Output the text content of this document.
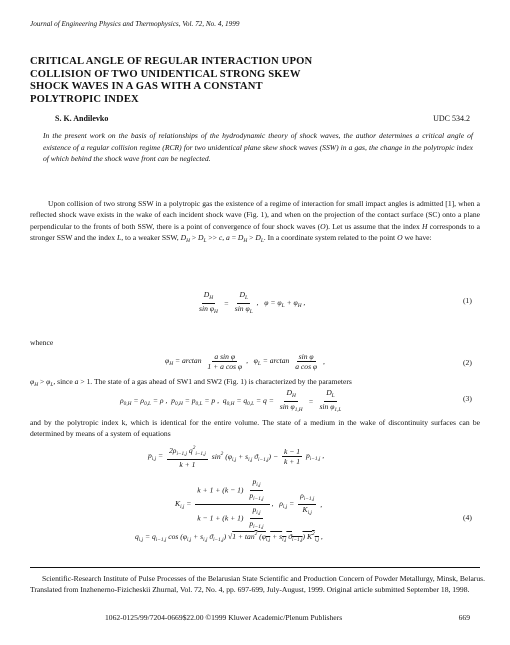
Journal of Engineering Physics and Thermophysics, Vol. 72, No. 4, 1999
CRITICAL ANGLE OF REGULAR INTERACTION UPON
COLLISION OF TWO UNIDENTICAL STRONG SKEW
SHOCK WAVES IN A GAS WITH A CONSTANT
POLYTROPIC INDEX
S. K. Andilevko	UDC 534.2
In the present work on the basis of relationships of the hydrodynamic theory of shock waves, the author determines a critical angle of existence of a regular collision regime (RCR) for two unidentical plane skew shock waves (SSW) in a gas, the change in the polytropic index of which behind the shock wave front can be neglected.
Upon collision of two strong SSW in a polytropic gas the existence of a regime of interaction for small impact angles is admitted [1], when a reflected shock wave exists in the wake of each incident shock wave (Fig. 1), and when on the projection of the contact surface (SC) onto a plane perpendicular to the fronts of both SSW, there is a point of convergence of four shock waves (O). Let us assume that the index H corresponds to a stronger SSW and the index L, to a weaker SSW, $D_H > D_L >> c$, $a = D_H > D_L$. In a coordinate system related to the point O we have:
$\frac{D_H}{\sin \varphi_H} = \frac{D_L}{\sin \varphi_L}$ ,   $\varphi = \varphi_L + \varphi_H$ ,	(1)
whence
$\varphi_H = \arctan \frac{\text{a sin φ}}{\text{1 + a cos φ}}$ ,   $\varphi_L = \arctan \frac{\text{sin φ}}{\text{a cos φ}}$ ,	(2)
$\varphi_H > \varphi_L$, since a > 1. The state of a gas ahead of SW1 and SW2 (Fig. 1) is characterized by the parameters
$\rho_{0,H} = \rho_{0,L} = \rho$ ,  $p_{0,H} = p_{0,L} = p$ ,  $q_{0,H} = q_{0,L} = q = \frac{D_H}{\sin \varphi_{1,H}} = \frac{D_L}{\sin \varphi_{1,L}}$	(3)
and by the polytropic index k, which is identical for the entire volume. The state of a medium in the wake of discontinuity surfaces can be determined by means of a system of equations
$p_{i,j} = \frac{2\rho_{i-1,j} q^2_{i-1,j}}{k + 1} \sin^2 (\varphi_{i,j} + s_{i,j}$ $ϑ_{i-1,j}) - \frac{k - 1}{k + 1} p_{i-1,j}$ ,
$K_{i,j} = \frac{k + 1 + (k - 1) \frac{p_{i,j}}{p_{i-1,j}}}{k - 1 + (k + 1) \frac{p_{i,j}}{p_{i-1,j}}}$ ,   $\rho_{i,j} = \frac{\rho_{i-1,j}}{K_{i,j}}$ ,
(4)
$q_{i,j} = q_{i-1,j}$ $\cos (\varphi_{i,j} + s_{i,j}$ $ϑ_{i-1,j}$) $√1 + \tan^2 (\varphi_{i,j} + s_{i,j}$ $ϑ_{i-1,j}$) $K^2_{i,j}$ ,
Scientific-Research Institute of Pulse Processes of the Belarusian State Scientific and Production Concern of Powder Metallurgy, Minsk, Belarus. Translated from Inzhenerno-Fizicheskii Zhurnal, Vol. 72, No. 4, pp. 697-699, July-August, 1999. Original article submitted September 18, 1998.
1062-0125/99/7204-0669$22.00 ©1999 Kluwer Academic/Plenum Publishers	669
